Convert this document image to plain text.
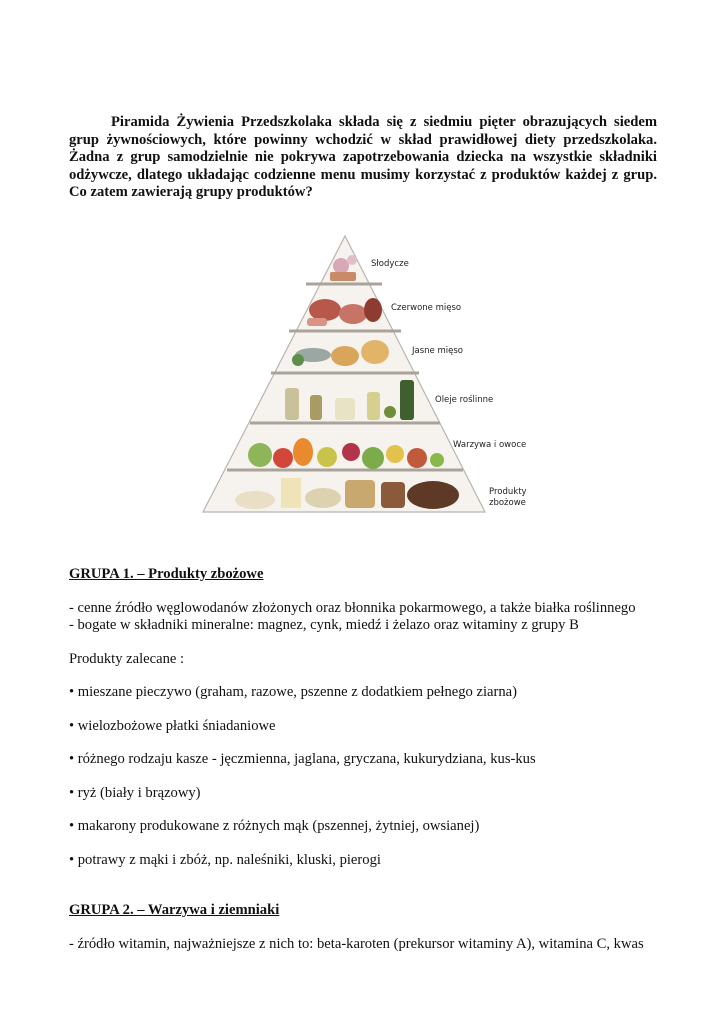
Piramida Żywienia Przedszkolaka składa się z siedmiu pięter obrazujących siedem grup żywnościowych, które powinny wchodzić w skład prawidłowej diety przedszkolaka. Żadna z grup samodzielnie nie pokrywa zapotrzebowania dziecka na wszystkie składniki odżywcze, dlatego układając codzienne menu musimy korzystać z produktów każdej z grup. Co zatem zawierają grupy produktów?

Słodycze
Czerwone mięso
Jasne mięso
Oleje roślinne
Warzywa i owoce
Produkty
zbożowe

GRUPA 1. – Produkty zbożowe

- cenne źródło węglowodanów złożonych oraz błonnika pokarmowego, a także białka roślinnego

- bogate w składniki mineralne: magnez, cynk, miedź i żelazo oraz witaminy z grupy B

Produkty zalecane :

• mieszane pieczywo (graham, razowe, pszenne z dodatkiem pełnego ziarna)

• wielozbożowe płatki śniadaniowe

• różnego rodzaju kasze - jęczmienna, jaglana, gryczana, kukurydziana, kus-kus

• ryż (biały i brązowy)

• makarony produkowane z różnych mąk (pszennej, żytniej, owsianej)

• potrawy z mąki i zbóż, np. naleśniki, kluski, pierogi

GRUPA 2. – Warzywa i ziemniaki

- źródło witamin, najważniejsze z nich to: beta-karoten (prekursor witaminy A), witamina C, kwas
